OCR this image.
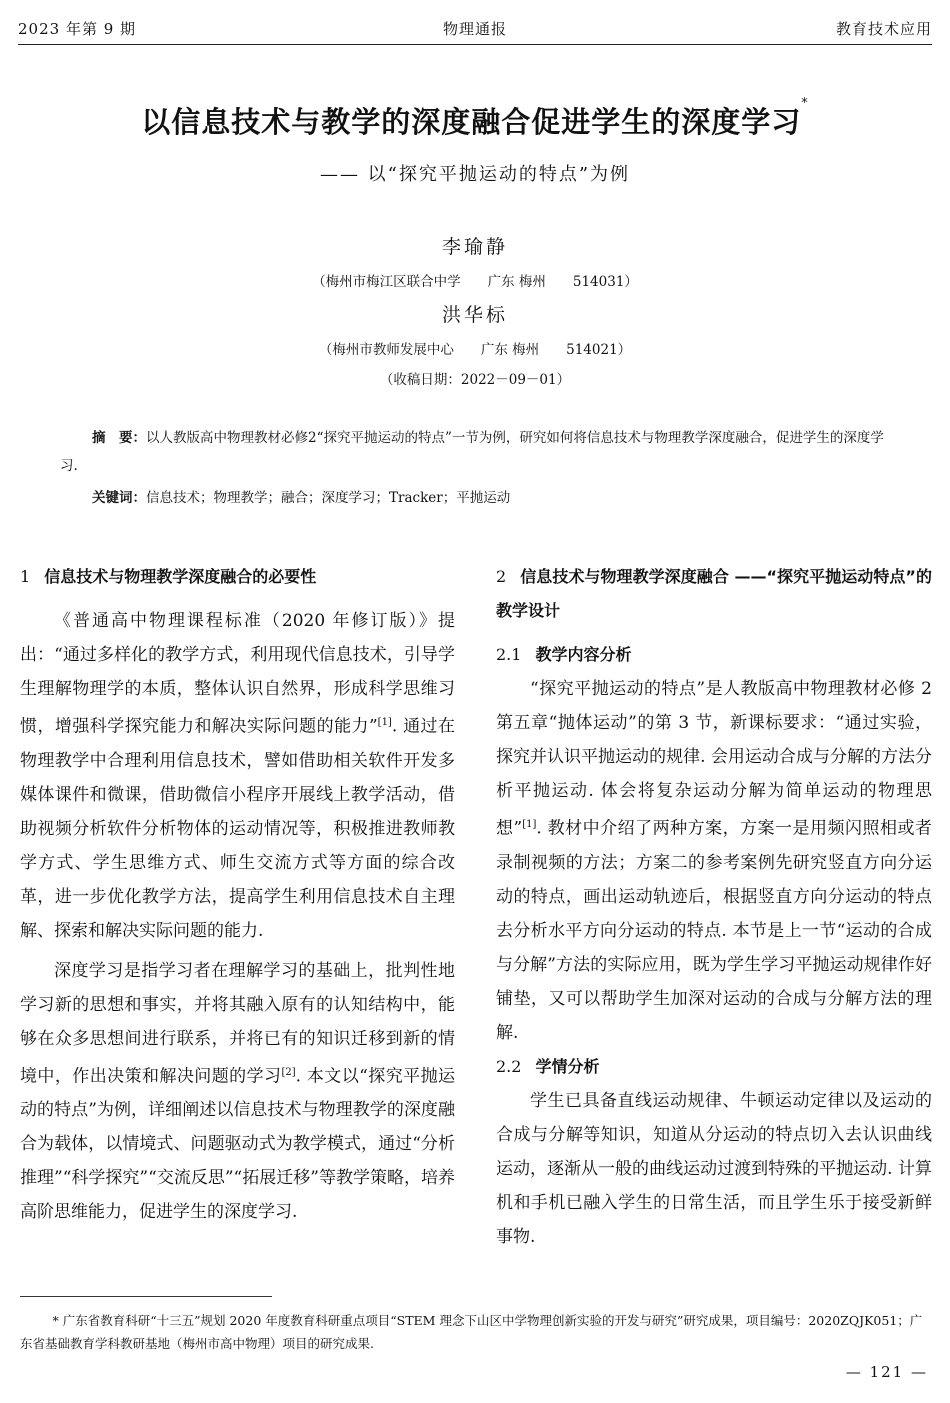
2023 年第 9 期	物理通报	教育技术应用
以信息技术与教学的深度融合促进学生的深度学习*
—— 以“探究平抛运动的特点”为例
李瑜静
（梅州市梅江区联合中学　　广东 梅州　　514031）
洪华标
（梅州市教师发展中心　　广东 梅州　　514021）
（收稿日期：2022－09－01）
摘　要：以人教版高中物理教材必修2“探究平抛运动的特点”一节为例，研究如何将信息技术与物理教学深度融合，促进学生的深度学习.
关键词：信息技术；物理教学；融合；深度学习；Tracker；平抛运动
1 信息技术与物理教学深度融合的必要性

《普通高中物理课程标准（2020 年修订版）》提出：“通过多样化的教学方式，利用现代信息技术，引导学生理解物理学的本质，整体认识自然界，形成科学思维习惯，增强科学探究能力和解决实际问题的能力”[1]. 通过在物理教学中合理利用信息技术，譬如借助相关软件开发多媒体课件和微课，借助微信小程序开展线上教学活动，借助视频分析软件分析物体的运动情况等，积极推进教师教学方式、学生思维方式、师生交流方式等方面的综合改革，进一步优化教学方法，提高学生利用信息技术自主理解、探索和解决实际问题的能力.

深度学习是指学习者在理解学习的基础上，批判性地学习新的思想和事实，并将其融入原有的认知结构中，能够在众多思想间进行联系，并将已有的知识迁移到新的情境中，作出决策和解决问题的学习[2]. 本文以“探究平抛运动的特点”为例，详细阐述以信息技术与物理教学的深度融合为载体，以情境式、问题驱动式为教学模式，通过“分析推理”“科学探究”“交流反思”“拓展迁移”等教学策略，培养高阶思维能力，促进学生的深度学习.

2 信息技术与物理教学深度融合 ——“探究平抛运动特点”的教学设计
2.1 教学内容分析

“探究平抛运动的特点”是人教版高中物理教材必修 2 第五章“抛体运动”的第 3 节，新课标要求：“通过实验，探究并认识平抛运动的规律. 会用运动合成与分解的方法分析平抛运动. 体会将复杂运动分解为简单运动的物理思想”[1]. 教材中介绍了两种方案，方案一是用频闪照相或者录制视频的方法；方案二的参考案例先研究竖直方向分运动的特点，画出运动轨迹后，根据竖直方向分运动的特点去分析水平方向分运动的特点. 本节是上一节“运动的合成与分解”方法的实际应用，既为学生学习平抛运动规律作好铺垫，又可以帮助学生加深对运动的合成与分解方法的理解.

2.2 学情分析

学生已具备直线运动规律、牛顿运动定律以及运动的合成与分解等知识，知道从分运动的特点切入去认识曲线运动，逐渐从一般的曲线运动过渡到特殊的平抛运动. 计算机和手机已融入学生的日常生活，而且学生乐于接受新鲜事物.

* 广东省教育科研“十三五”规划 2020 年度教育科研重点项目“STEM 理念下山区中学物理创新实验的开发与研究”研究成果，项目编号：2020ZQJK051；广东省基础教育学科教研基地（梅州市高中物理）项目的研究成果.
— 121 —
